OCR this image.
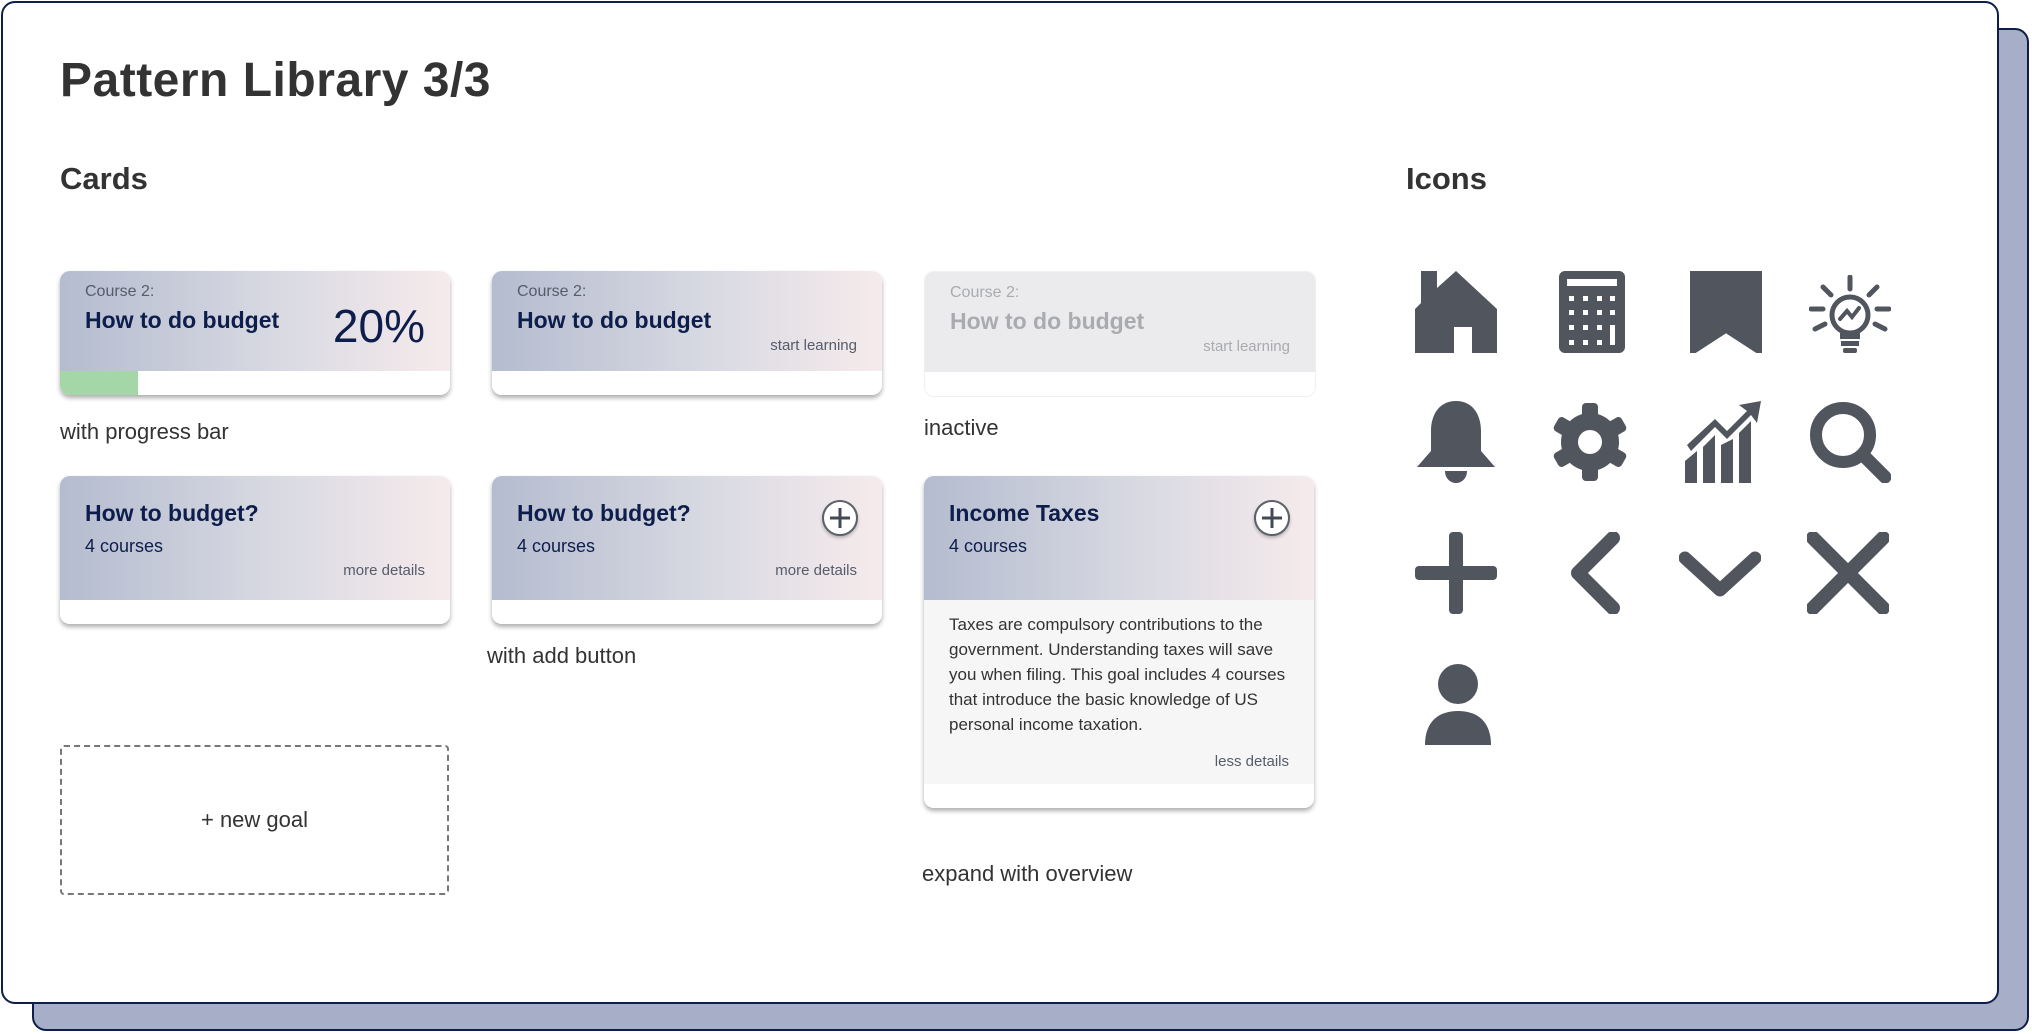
Pattern Library 3/3
Cards	Icons
Course 2:
How to do budget 20%
with progress bar
Course 2:
How to do budget
start learning
Course 2:
How to do budget
start learning
inactive
How to budget?
4 courses
more details
How to budget?
4 courses
more details
with add button
Income Taxes
4 courses
Taxes are compulsory contributions to the government. Understanding taxes will save you when filing. This goal includes 4 courses that introduce the basic knowledge of US personal income taxation.
less details
expand with overview
+ new goal
